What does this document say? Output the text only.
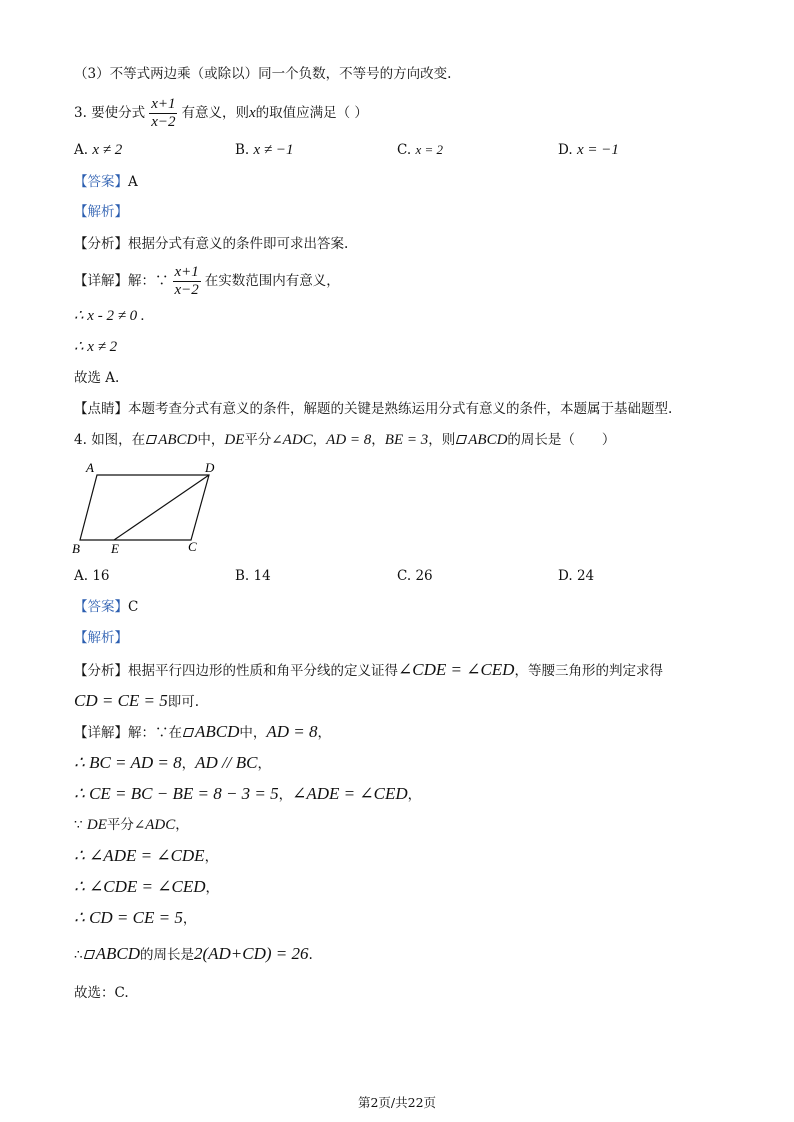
（3）不等式两边乘（或除以）同一个负数，不等号的方向改变.
3. 要使分式 $\frac{x+1}{x-2}$ 有意义，则x的取值应满足（ ）
A. x ≠ 2	B. x ≠ −1	C. x = 2	D. x = −1
【答案】A
【解析】
【分析】根据分式有意义的条件即可求出答案.
【详解】解：∵ $\frac{x+1}{x-2}$ 在实数范围内有意义，
∴ x - 2 ≠ 0 .
∴ x ≠ 2
故选 A.
【点睛】本题考查分式有意义的条件，解题的关键是熟练运用分式有意义的条件，本题属于基础题型.
4. 如图，在 ABCD中，DE平分∠ADC，AD = 8，BE = 3，则 ABCD的周长是（　　）
A	D
B E	C
A. 16	B. 14	C. 26	D. 24
【答案】C
【解析】
【分析】根据平行四边形的性质和角平分线的定义证得∠CDE = ∠CED，等腰三角形的判定求得
CD = CE = 5即可.
【详解】解：∵在 ABCD中，AD = 8，
∴ BC = AD = 8，AD // BC，
∴ CE = BC − BE = 8 − 3 = 5，∠ADE = ∠CED，
∵ DE平分∠ADC，
∴ ∠ADE = ∠CDE，
∴ ∠CDE = ∠CED，
∴ CD = CE = 5，
∴ ABCD的周长是2(AD+CD) = 26.
故选：C.
第2页/共22页
